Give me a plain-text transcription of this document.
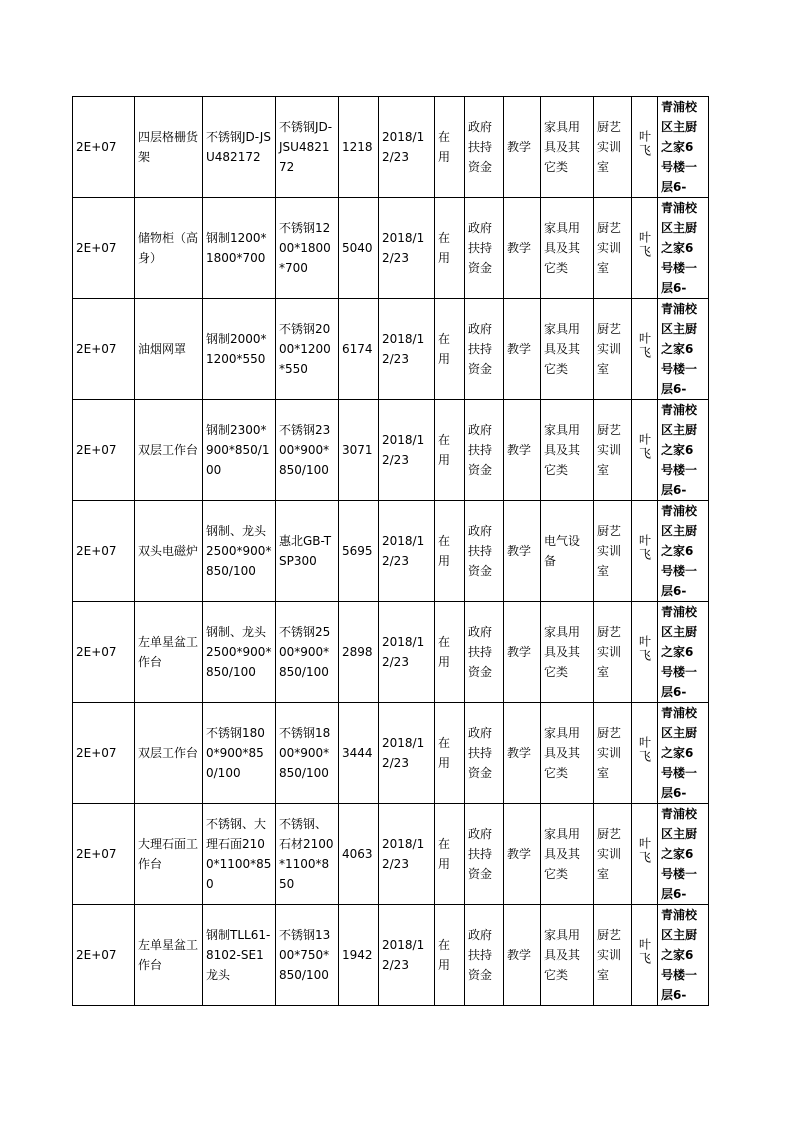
2E+07	四层格栅货架	不锈钢JD-JSU482172	不锈钢JD-JSU482172	1218	2018/12/23	在用	政府扶持资金	教学	家具用具及其它类	厨艺实训室	叶飞	青浦校区主厨之家6号楼一层6-
2E+07	储物柜（高身）	钢制1200*1800*700	不锈钢1200*1800*700	5040	2018/12/23	在用	政府扶持资金	教学	家具用具及其它类	厨艺实训室	叶飞	青浦校区主厨之家6号楼一层6-
2E+07	油烟网罩	钢制2000*1200*550	不锈钢2000*1200*550	6174	2018/12/23	在用	政府扶持资金	教学	家具用具及其它类	厨艺实训室	叶飞	青浦校区主厨之家6号楼一层6-
2E+07	双层工作台	钢制2300*900*850/100	不锈钢2300*900*850/100	3071	2018/12/23	在用	政府扶持资金	教学	家具用具及其它类	厨艺实训室	叶飞	青浦校区主厨之家6号楼一层6-
2E+07	双头电磁炉	钢制、龙头2500*900*850/100	惠北GB-TSP300	5695	2018/12/23	在用	政府扶持资金	教学	电气设备	厨艺实训室	叶飞	青浦校区主厨之家6号楼一层6-
2E+07	左单星盆工作台	钢制、龙头2500*900*850/100	不锈钢2500*900*850/100	2898	2018/12/23	在用	政府扶持资金	教学	家具用具及其它类	厨艺实训室	叶飞	青浦校区主厨之家6号楼一层6-
2E+07	双层工作台	不锈钢1800*900*850/100	不锈钢1800*900*850/100	3444	2018/12/23	在用	政府扶持资金	教学	家具用具及其它类	厨艺实训室	叶飞	青浦校区主厨之家6号楼一层6-
2E+07	大理石面工作台	不锈钢、大理石面2100*1100*850	不锈钢、石材2100*1100*850	4063	2018/12/23	在用	政府扶持资金	教学	家具用具及其它类	厨艺实训室	叶飞	青浦校区主厨之家6号楼一层6-
2E+07	左单星盆工作台	钢制TLL61-8102-SE1龙头	不锈钢1300*750*850/100	1942	2018/12/23	在用	政府扶持资金	教学	家具用具及其它类	厨艺实训室	叶飞	青浦校区主厨之家6号楼一层6-
